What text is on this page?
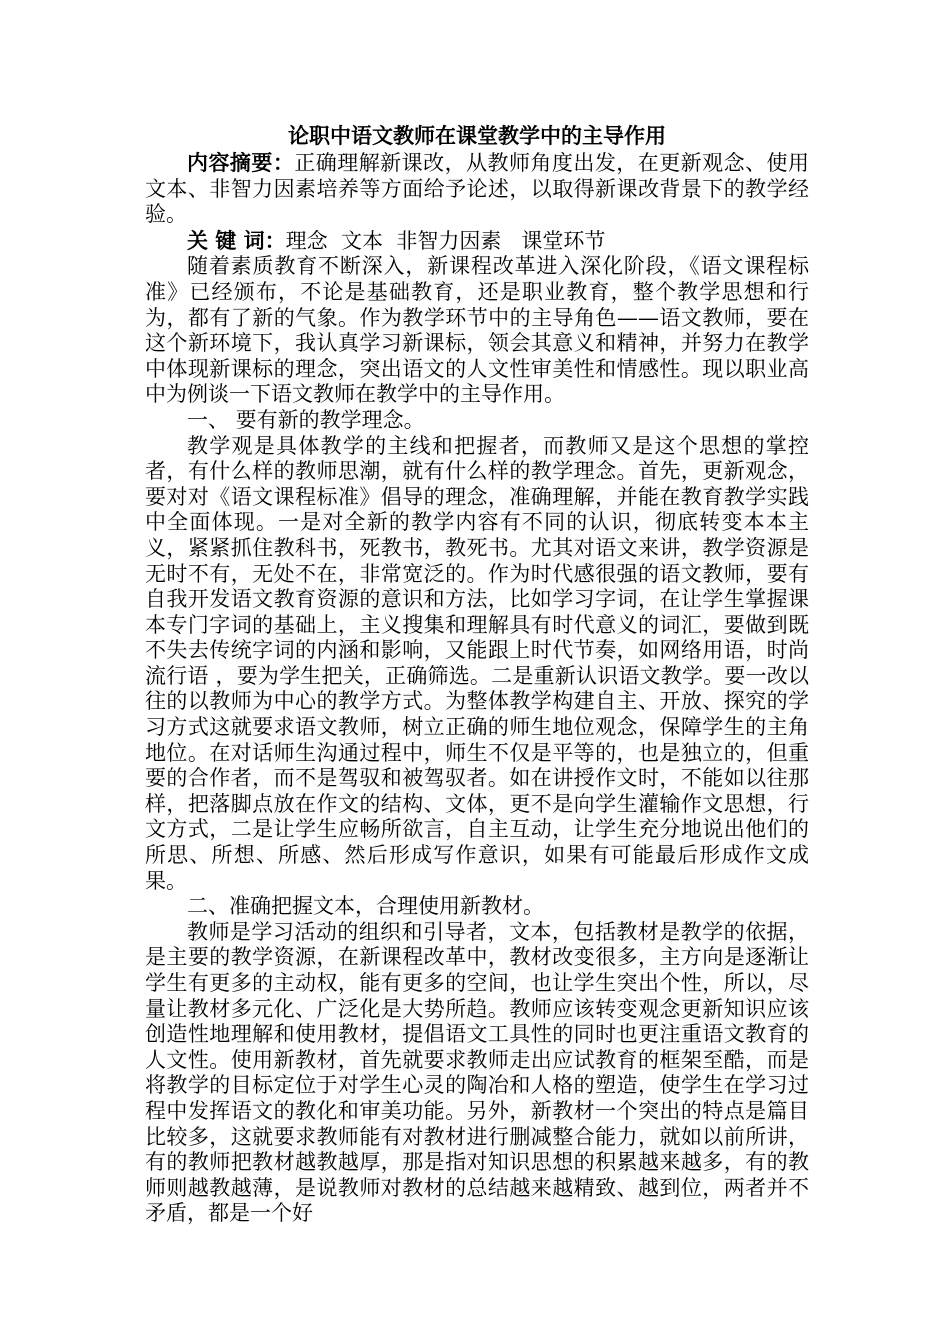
论职中语文教师在课堂教学中的主导作用

内容摘要：正确理解新课改，从教师角度出发，在更新观念、使用文本、非智力因素培养等方面给予论述，以取得新课改背景下的教学经验。

关 键 词：理念  文本  非智力因素   课堂环节

随着素质教育不断深入，新课程改革进入深化阶段，《语文课程标准》已经颁布，不论是基础教育，还是职业教育，整个教学思想和行为，都有了新的气象。作为教学环节中的主导角色——语文教师，要在这个新环境下，我认真学习新课标，领会其意义和精神，并努力在教学中体现新课标的理念，突出语文的人文性审美性和情感性。现以职业高中为例谈一下语文教师在教学中的主导作用。

一、 要有新的教学理念。

教学观是具体教学的主线和把握者，而教师又是这个思想的掌控者，有什么样的教师思潮，就有什么样的教学理念。首先，更新观念，要对对《语文课程标准》倡导的理念，准确理解，并能在教育教学实践中全面体现。一是对全新的教学内容有不同的认识，彻底转变本本主义，紧紧抓住教科书，死教书，教死书。尤其对语文来讲，教学资源是无时不有，无处不在，非常宽泛的。作为时代感很强的语文教师，要有自我开发语文教育资源的意识和方法，比如学习字词，在让学生掌握课本专门字词的基础上，主义搜集和理解具有时代意义的词汇，要做到既不失去传统字词的内涵和影响，又能跟上时代节奏，如网络用语，时尚流行语 ，要为学生把关，正确筛选。二是重新认识语文教学。要一改以往的以教师为中心的教学方式。为整体教学构建自主、开放、探究的学习方式这就要求语文教师，树立正确的师生地位观念，保障学生的主角地位。在对话师生沟通过程中，师生不仅是平等的，也是独立的，但重要的合作者，而不是驾驭和被驾驭者。如在讲授作文时，不能如以往那样，把落脚点放在作文的结构、文体，更不是向学生灌输作文思想，行文方式，二是让学生应畅所欲言，自主互动，让学生充分地说出他们的所思、所想、所感、然后形成写作意识，如果有可能最后形成作文成果。

二、准确把握文本，合理使用新教材。

教师是学习活动的组织和引导者，文本，包括教材是教学的依据，是主要的教学资源，在新课程改革中，教材改变很多，主方向是逐渐让学生有更多的主动权，能有更多的空间，也让学生突出个性，所以，尽量让教材多元化、广泛化是大势所趋。教师应该转变观念更新知识应该创造性地理解和使用教材，提倡语文工具性的同时也更注重语文教育的人文性。使用新教材，首先就要求教师走出应试教育的框架至酷，而是将教学的目标定位于对学生心灵的陶冶和人格的塑造，使学生在学习过程中发挥语文的教化和审美功能。另外，新教材一个突出的特点是篇目比较多，这就要求教师能有对教材进行删减整合能力，就如以前所讲，有的教师把教材越教越厚，那是指对知识思想的积累越来越多，有的教师则越教越薄，是说教师对教材的总结越来越精致、越到位，两者并不矛盾，都是一个好
